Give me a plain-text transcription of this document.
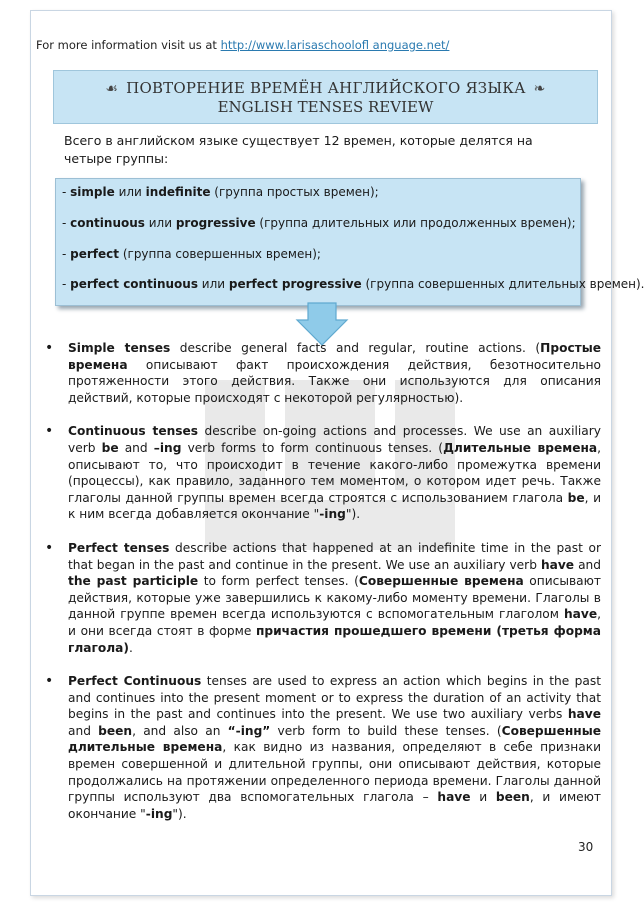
For more information visit us at http://www.larisaschoolofl anguage.net/
☙ ПОВТОРЕНИЕ ВРЕМЁН АНГЛИЙСКОГО ЯЗЫКА ❧
ENGLISH TENSES REVIEW
Всего в английском языке существует 12 времен, которые делятся на четыре группы:
- simple или indefinite (группа простых времен);
- continuous или progressive (группа длительных или продолженных времен);
- perfect (группа совершенных времен);
- perfect continuous или perfect progressive (группа совершенных длительных времен).
• Simple tenses describe general facts and regular, routine actions. (Простые времена описывают факт происхождения действия, безотносительно протяженности этого действия. Также они используются для описания действий, которые происходят с некоторой регулярностью).
• Continuous tenses describe on-going actions and processes. We use an auxiliary verb be and –ing verb forms to form continuous tenses. (Длительные времена, описывают то, что происходит в течение какого-либо промежутка времени (процессы), как правило, заданного тем моментом, о котором идет речь. Также глаголы данной группы времен всегда строятся с использованием глагола be, и к ним всегда добавляется окончание "-ing").
• Perfect tenses describe actions that happened at an indefinite time in the past or that began in the past and continue in the present. We use an auxiliary verb have and the past participle to form perfect tenses. (Совершенные времена описывают действия, которые уже завершились к какому-либо моменту времени. Глаголы в данной группе времен всегда используются с вспомогательным глаголом have, и они всегда стоят в форме причастия прошедшего времени (третья форма глагола).
• Perfect Continuous tenses are used to express an action which begins in the past and continues into the present moment or to express the duration of an activity that begins in the past and continues into the present. We use two auxiliary verbs have and been, and also an “-ing” verb form to build these tenses. (Совершенные длительные времена, как видно из названия, определяют в себе признаки времен совершенной и длительной группы, они описывают действия, которые продолжались на протяжении определенного периода времени. Глаголы данной группы используют два вспомогательных глагола – have и been, и имеют окончание "-ing").
30
